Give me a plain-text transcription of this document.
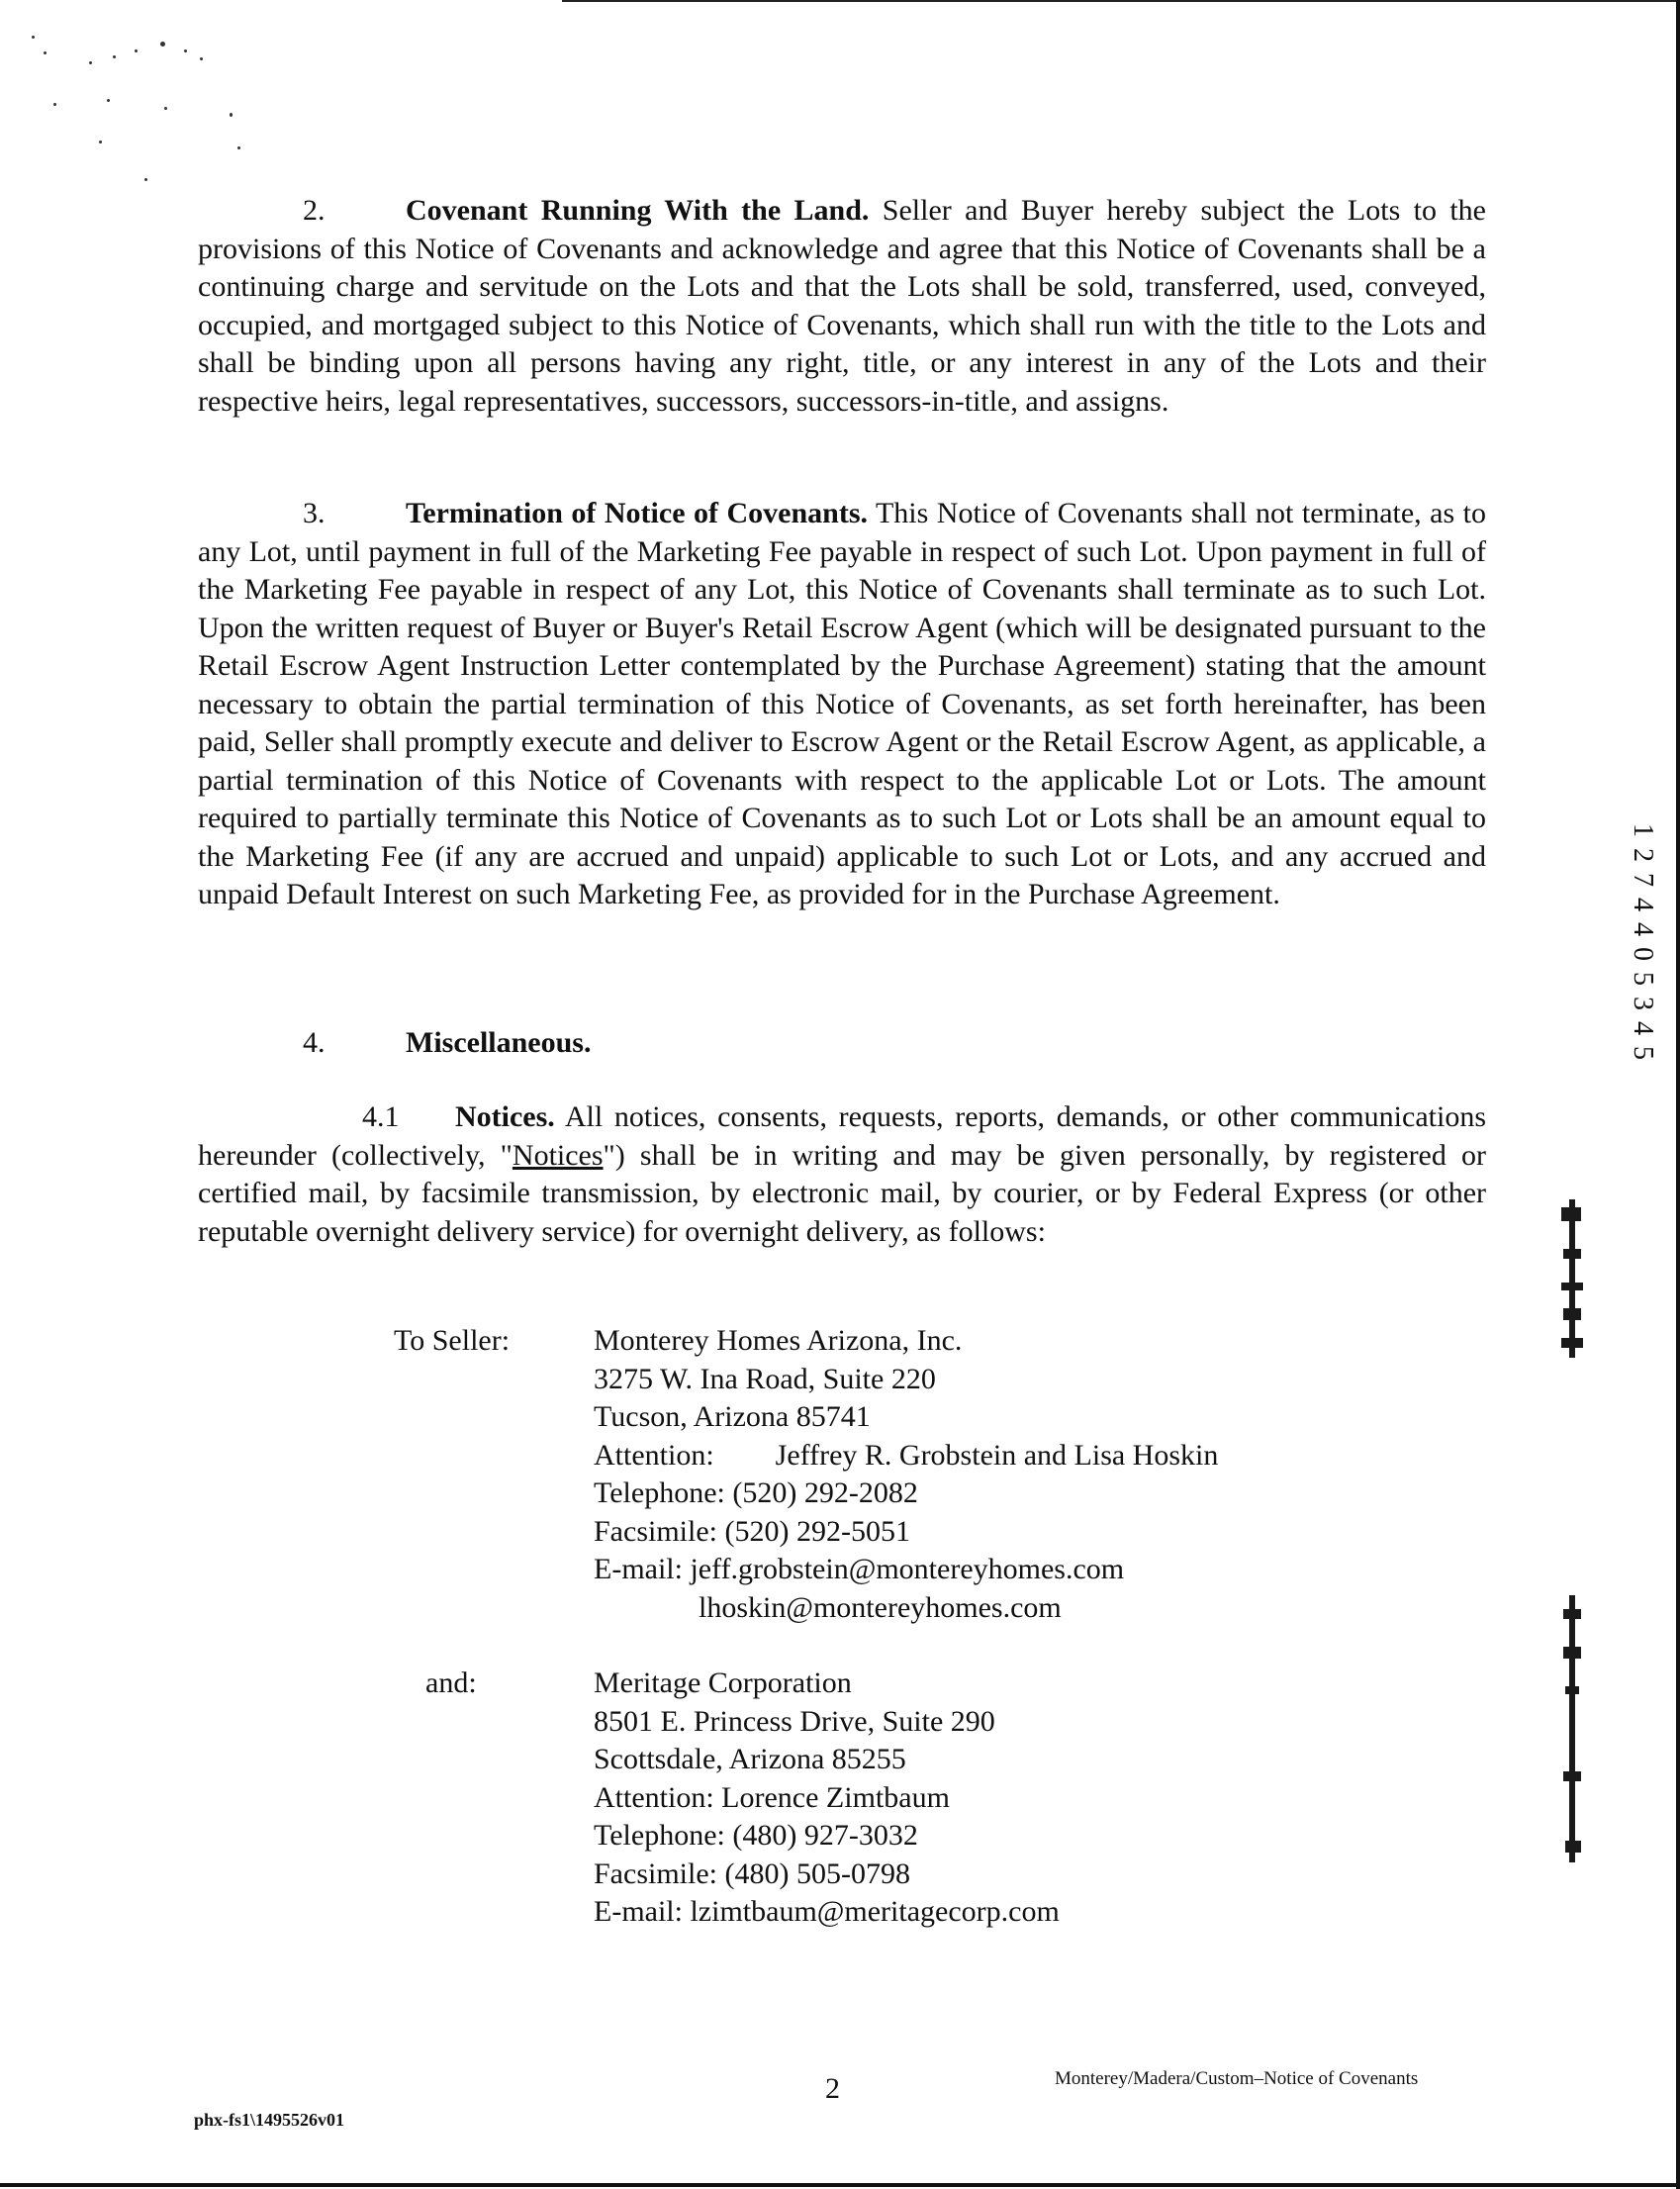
2.	Covenant Running With the Land. Seller and Buyer hereby subject the Lots to the provisions of this Notice of Covenants and acknowledge and agree that this Notice of Covenants shall be a continuing charge and servitude on the Lots and that the Lots shall be sold, transferred, used, conveyed, occupied, and mortgaged subject to this Notice of Covenants, which shall run with the title to the Lots and shall be binding upon all persons having any right, title, or any interest in any of the Lots and their respective heirs, legal representatives, successors, successors-in-title, and assigns.
3.	Termination of Notice of Covenants. This Notice of Covenants shall not terminate, as to any Lot, until payment in full of the Marketing Fee payable in respect of such Lot. Upon payment in full of the Marketing Fee payable in respect of any Lot, this Notice of Covenants shall terminate as to such Lot. Upon the written request of Buyer or Buyer's Retail Escrow Agent (which will be designated pursuant to the Retail Escrow Agent Instruction Letter contemplated by the Purchase Agreement) stating that the amount necessary to obtain the partial termination of this Notice of Covenants, as set forth hereinafter, has been paid, Seller shall promptly execute and deliver to Escrow Agent or the Retail Escrow Agent, as applicable, a partial termination of this Notice of Covenants with respect to the applicable Lot or Lots. The amount required to partially terminate this Notice of Covenants as to such Lot or Lots shall be an amount equal to the Marketing Fee (if any are accrued and unpaid) applicable to such Lot or Lots, and any accrued and unpaid Default Interest on such Marketing Fee, as provided for in the Purchase Agreement.
4.	Miscellaneous.
4.1 Notices. All notices, consents, requests, reports, demands, or other communications hereunder (collectively, "Notices") shall be in writing and may be given personally, by registered or certified mail, by facsimile transmission, by electronic mail, by courier, or by Federal Express (or other reputable overnight delivery service) for overnight delivery, as follows:
To Seller:	Monterey Homes Arizona, Inc.
3275 W. Ina Road, Suite 220
Tucson, Arizona 85741
Attention: Jeffrey R. Grobstein and Lisa Hoskin
Telephone: (520) 292-2082
Facsimile: (520) 292-5051
E-mail: jeff.grobstein@montereyhomes.com
lhoskin@montereyhomes.com
and:	Meritage Corporation
8501 E. Princess Drive, Suite 290
Scottsdale, Arizona 85255
Attention: Lorence Zimtbaum
Telephone: (480) 927-3032
Facsimile: (480) 505-0798
E-mail: lzimtbaum@meritagecorp.com
2	Monterey/Madera/Custom–Notice of Covenants
phx-fs1\1495526v01
1 2 7 4 4 0 5 3 4 5
